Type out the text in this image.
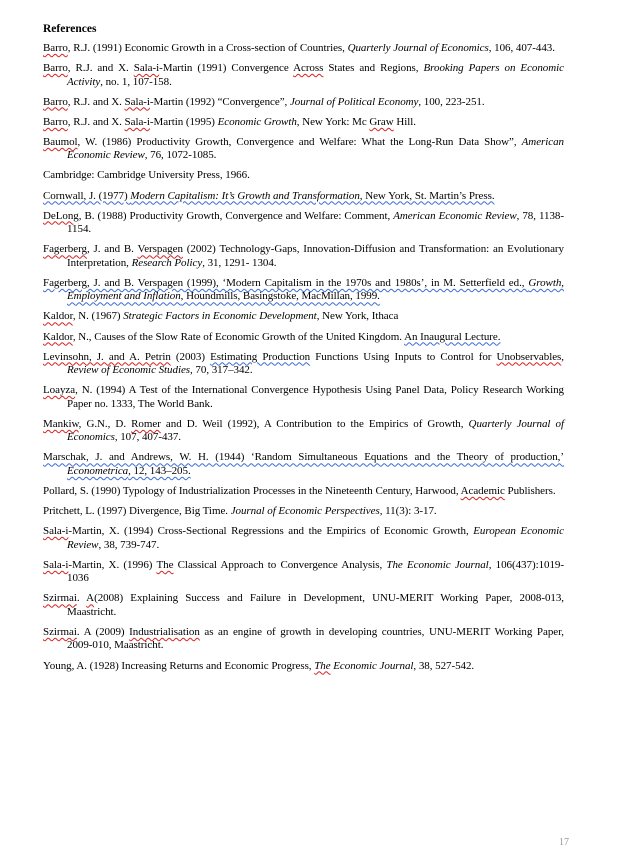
References
Barro, R.J. (1991) Economic Growth in a Cross-section of Countries, Quarterly Journal of Economics, 106, 407-443.
Barro, R.J. and X. Sala-i-Martin (1991) Convergence Across States and Regions, Brooking Papers on Economic Activity, no. 1, 107-158.
Barro, R.J. and X. Sala-i-Martin (1992) “Convergence”, Journal of Political Economy, 100, 223-251.
Barro, R.J. and X. Sala-i-Martin (1995) Economic Growth, New York: Mc Graw Hill.
Baumol, W. (1986) Productivity Growth, Convergence and Welfare: What the Long-Run Data Show”, American Economic Review, 76, 1072-1085.
Cambridge: Cambridge University Press, 1966.
Cornwall, J. (1977) Modern Capitalism: It’s Growth and Transformation, New York, St. Martin’s Press.
DeLong, B. (1988) Productivity Growth, Convergence and Welfare: Comment, American Economic Review, 78, 1138-1154.
Fagerberg, J. and B. Verspagen (2002) Technology-Gaps, Innovation-Diffusion and Transformation: an Evolutionary Interpretation, Research Policy, 31, 1291- 1304.
Fagerberg, J. and B. Verspagen (1999), ‘Modern Capitalism in the 1970s and 1980s’, in M. Setterfield ed., Growth, Employment and Inflation, Houndmills, Basingstoke, MacMillan, 1999.
Kaldor, N. (1967) Strategic Factors in Economic Development, New York, Ithaca
Kaldor, N., Causes of the Slow Rate of Economic Growth of the United Kingdom. An Inaugural Lecture.
Levinsohn, J. and A. Petrin (2003) Estimating Production Functions Using Inputs to Control for Unobservables, Review of Economic Studies, 70, 317–342.
Loayza, N. (1994) A Test of the International Convergence Hypothesis Using Panel Data, Policy Research Working Paper no. 1333, The World Bank.
Mankiw, G.N., D. Romer and D. Weil (1992), A Contribution to the Empirics of Growth, Quarterly Journal of Economics, 107, 407-437.
Marschak, J. and Andrews, W. H. (1944) ‘Random Simultaneous Equations and the Theory of production,’ Econometrica, 12, 143–205.
Pollard, S. (1990) Typology of Industrialization Processes in the Nineteenth Century, Harwood, Academic Publishers.
Pritchett, L. (1997) Divergence, Big Time. Journal of Economic Perspectives, 11(3): 3-17.
Sala-i-Martin, X. (1994) Cross-Sectional Regressions and the Empirics of Economic Growth, European Economic Review, 38, 739-747.
Sala-i-Martin, X. (1996) The Classical Approach to Convergence Analysis, The Economic Journal, 106(437):1019-1036
Szirmai. A(2008) Explaining Success and Failure in Development, UNU-MERIT Working Paper, 2008-013, Maastricht.
Szirmai. A (2009) Industrialisation as an engine of growth in developing countries, UNU-MERIT Working Paper, 2009-010, Maastricht.
Young, A. (1928) Increasing Returns and Economic Progress, The Economic Journal, 38, 527-542.
17
